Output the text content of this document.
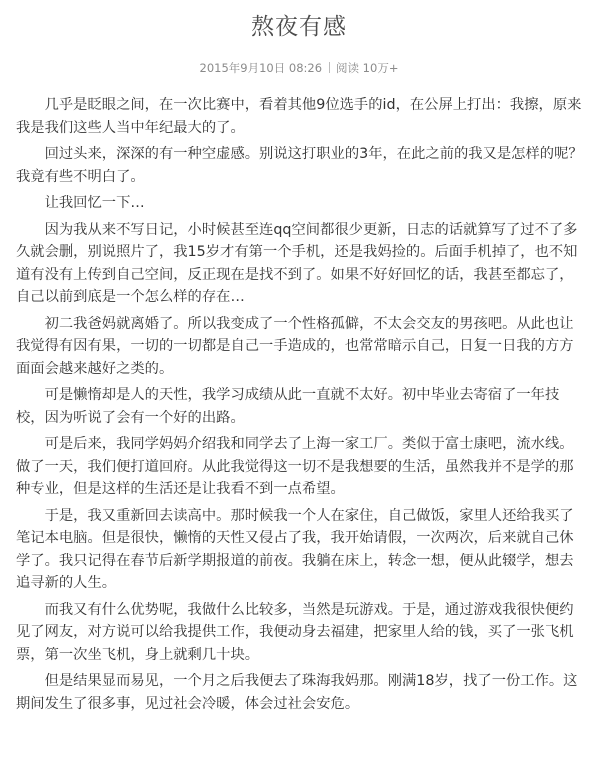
熬夜有感
2015年9月10日 08:26 阅读 10万+

几乎是眨眼之间，在一次比赛中，看着其他9位选手的id，在公屏上打出：我擦，原来我是我们这些人当中年纪最大的了。

回过头来，深深的有一种空虚感。别说这打职业的3年，在此之前的我又是怎样的呢？我竟有些不明白了。

让我回忆一下…

因为我从来不写日记，小时候甚至连qq空间都很少更新，日志的话就算写了过不了多久就会删，别说照片了，我15岁才有第一个手机，还是我妈捡的。后面手机掉了，也不知道有没有上传到自己空间，反正现在是找不到了。如果不好好回忆的话，我甚至都忘了，自己以前到底是一个怎么样的存在…

初二我爸妈就离婚了。所以我变成了一个性格孤僻，不太会交友的男孩吧。从此也让我觉得有因有果，一切的一切都是自己一手造成的，也常常暗示自己，日复一日我的方方面面会越来越好之类的。

可是懒惰却是人的天性，我学习成绩从此一直就不太好。初中毕业去寄宿了一年技校，因为听说了会有一个好的出路。

可是后来，我同学妈妈介绍我和同学去了上海一家工厂。类似于富士康吧，流水线。做了一天，我们便打道回府。从此我觉得这一切不是我想要的生活，虽然我并不是学的那种专业，但是这样的生活还是让我看不到一点希望。

于是，我又重新回去读高中。那时候我一个人在家住，自己做饭，家里人还给我买了笔记本电脑。但是很快，懒惰的天性又侵占了我，我开始请假，一次两次，后来就自己休学了。我只记得在春节后新学期报道的前夜。我躺在床上，转念一想，便从此辍学，想去追寻新的人生。

而我又有什么优势呢，我做什么比较多，当然是玩游戏。于是，通过游戏我很快便约见了网友，对方说可以给我提供工作，我便动身去福建，把家里人给的钱，买了一张飞机票，第一次坐飞机，身上就剩几十块。

但是结果显而易见，一个月之后我便去了珠海我妈那。刚满18岁，找了一份工作。这期间发生了很多事，见过社会冷暖，体会过社会安危。
